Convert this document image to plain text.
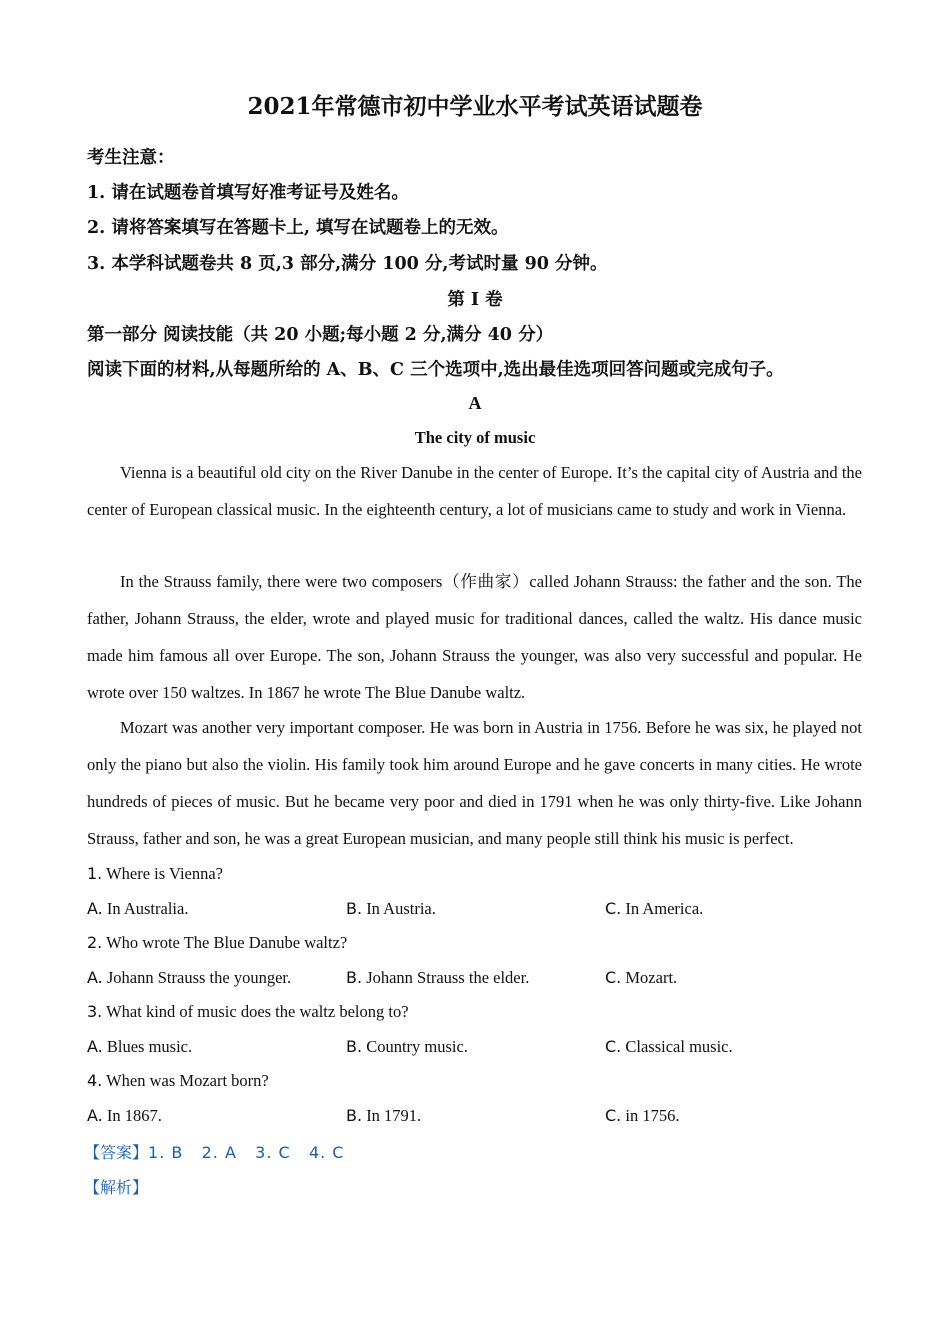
2021年常德市初中学业水平考试英语试题卷
考生注意：
1. 请在试题卷首填写好准考证号及姓名。
2. 请将答案填写在答题卡上, 填写在试题卷上的无效。
3. 本学科试题卷共 8 页,3 部分,满分 100 分,考试时量 90 分钟。
第 I 卷
第一部分 阅读技能（共 20 小题;每小题 2 分,满分 40 分）
阅读下面的材料,从每题所给的 A、B、C 三个选项中,选出最佳选项回答问题或完成句子。
A
The city of music
Vienna is a beautiful old city on the River Danube in the center of Europe. It’s the capital city of Austria and the center of European classical music. In the eighteenth century, a lot of musicians came to study and work in Vienna.
In the Strauss family, there were two composers（作曲家）called Johann Strauss: the father and the son. The father, Johann Strauss, the elder, wrote and played music for traditional dances, called the waltz. His dance music made him famous all over Europe. The son, Johann Strauss the younger, was also very successful and popular. He wrote over 150 waltzes. In 1867 he wrote The Blue Danube waltz.
Mozart was another very important composer. He was born in Austria in 1756. Before he was six, he played not only the piano but also the violin. His family took him around Europe and he gave concerts in many cities. He wrote hundreds of pieces of music. But he became very poor and died in 1791 when he was only thirty-five. Like Johann Strauss, father and son, he was a great European musician, and many people still think his music is perfect.
1. Where is Vienna?
A. In Australia.	B. In Austria.	C. In America.
2. Who wrote The Blue Danube waltz?
A. Johann Strauss the younger.	B. Johann Strauss the elder.	C. Mozart.
3. What kind of music does the waltz belong to?
A. Blues music.	B. Country music.	C. Classical music.
4. When was Mozart born?
A. In 1867.	B. In 1791.	C. in 1756.
【答案】1. B   2. A   3. C   4. C
【解析】
